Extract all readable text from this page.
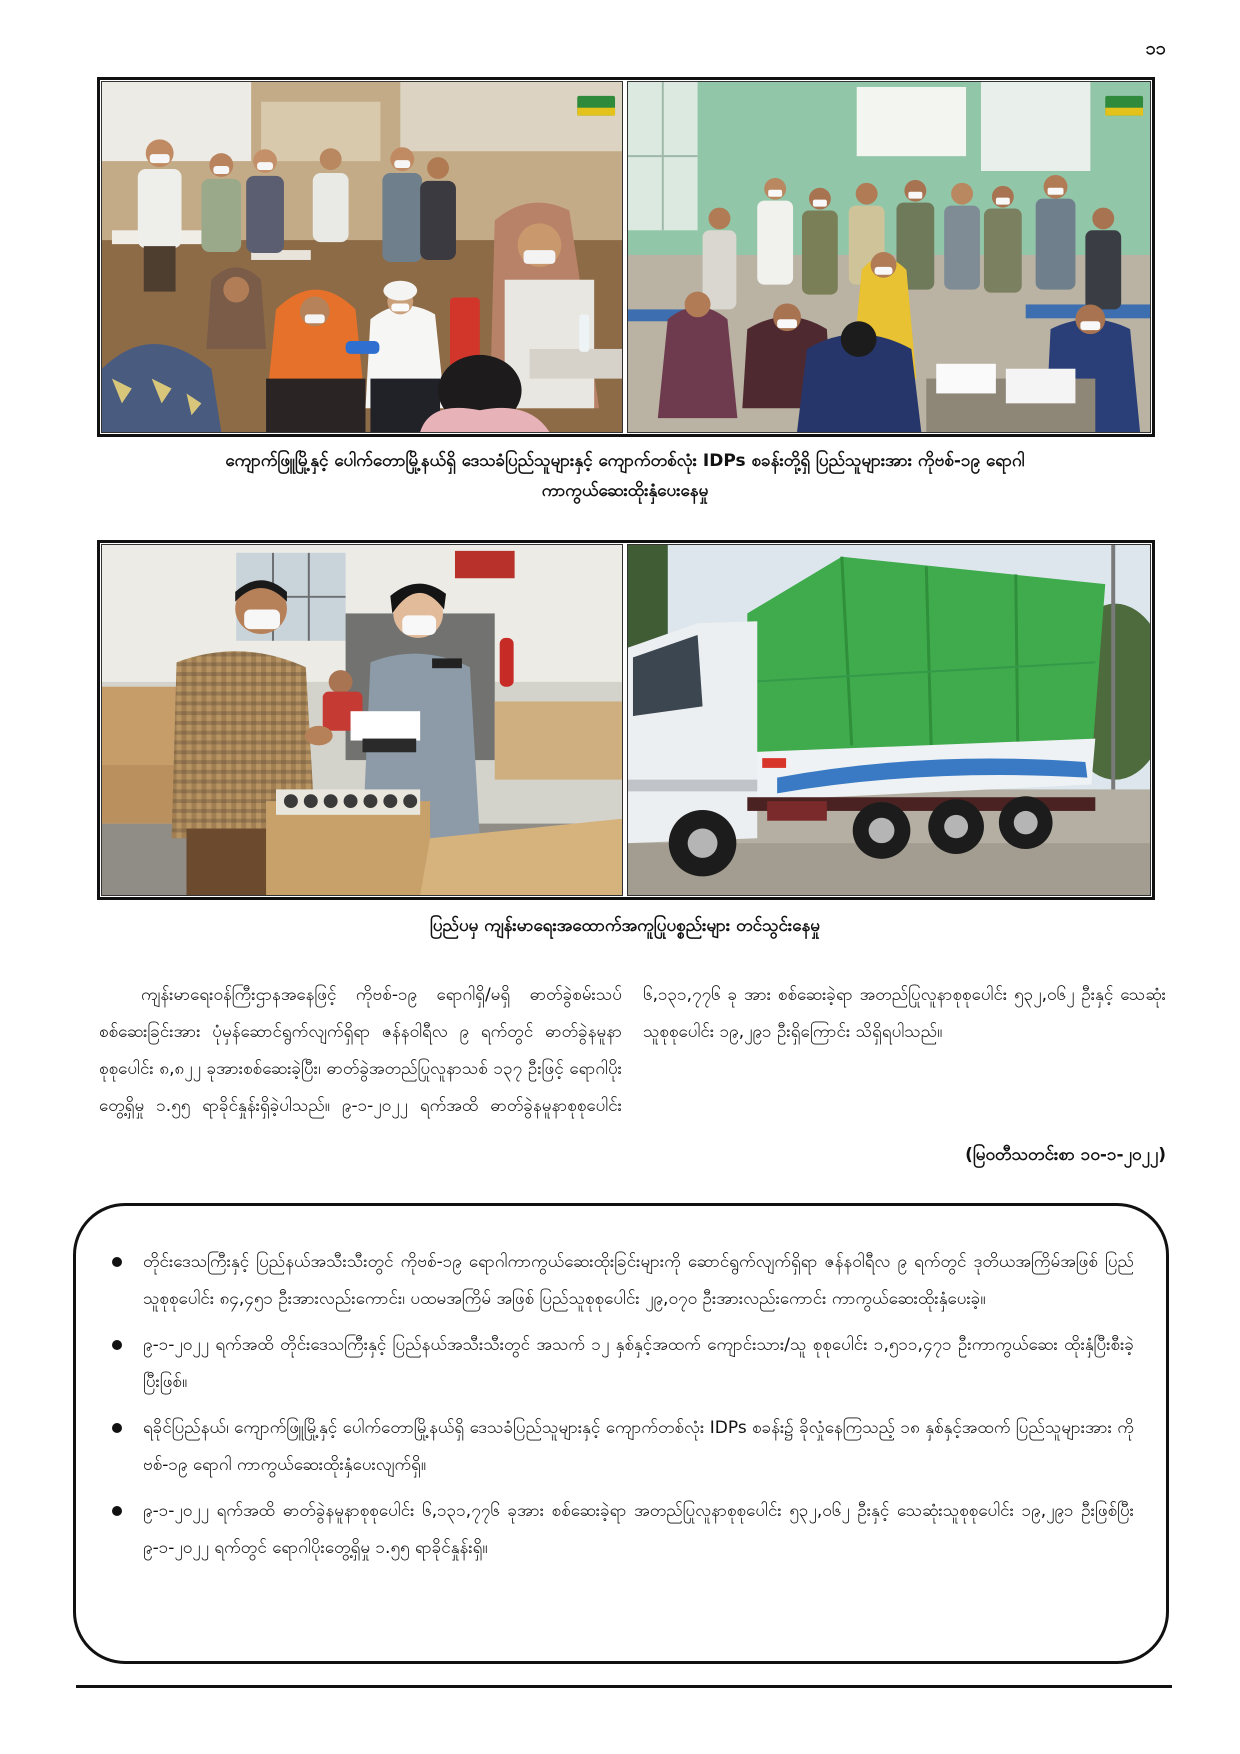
၁၁
ကျောက်ဖြူမြို့နှင့် ပေါက်တောမြို့နယ်ရှိ ဒေသခံပြည်သူများနှင့် ကျောက်တစ်လုံး IDPs စခန်းတို့ရှိ ပြည်သူများအား ကိုဗစ်-၁၉ ရောဂါ
ကာကွယ်ဆေးထိုးနှံပေးနေမှု
ပြည်ပမှ ကျန်းမာရေးအထောက်အကူပြုပစ္စည်းများ တင်သွင်းနေမှု

ကျန်းမာရေးဝန်ကြီးဌာနအနေဖြင့် ကိုဗစ်-၁၉ ရောဂါရှိ/မရှိ ဓာတ်ခွဲစမ်းသပ်စစ်ဆေးခြင်းအား ပုံမှန်ဆောင်ရွက်လျက်ရှိရာ ဇန်နဝါရီလ ၉ ရက်တွင် ဓာတ်ခွဲနမူနာစုစုပေါင်း ၈,၈၂၂ ခုအားစစ်ဆေးခဲ့ပြီး၊ ဓာတ်ခွဲအတည်ပြုလူနာသစ် ၁၃၇ ဦးဖြင့် ရောဂါပိုးတွေ့ရှိမှု ၁.၅၅ ရာခိုင်နှုန်းရှိခဲ့ပါသည်။ ၉-၁-၂၀၂၂ ရက်အထိ ဓာတ်ခွဲနမူနာစုစုပေါင်း ၆,၁၃၁,၇၇၆ ခု အား စစ်ဆေးခဲ့ရာ အတည်ပြုလူနာစုစုပေါင်း ၅၃၂,၀၆၂ ဦးနှင့် သေဆုံးသူစုစုပေါင်း ၁၉,၂၉၁ ဦးရှိကြောင်း သိရှိရပါသည်။

(မြဝတီသတင်းစာ ၁၀-၁-၂၀၂၂)
တိုင်းဒေသကြီးနှင့် ပြည်နယ်အသီးသီးတွင် ကိုဗစ်-၁၉ ရောဂါကာကွယ်ဆေးထိုးခြင်းများကို ဆောင်ရွက်လျက်ရှိရာ ဇန်နဝါရီလ ၉ ရက်တွင် ဒုတိယအကြိမ်အဖြစ် ပြည်သူစုစုပေါင်း ၈၄,၄၅၁ ဦးအားလည်းကောင်း၊ ပထမအကြိမ် အဖြစ် ပြည်သူစုစုပေါင်း ၂၉,၀၇၀ ဦးအားလည်းကောင်း ကာကွယ်ဆေးထိုးနှံပေးခဲ့။
၉-၁-၂၀၂၂ ရက်အထိ တိုင်းဒေသကြီးနှင့် ပြည်နယ်အသီးသီးတွင် အသက် ၁၂ နှစ်နှင့်အထက် ကျောင်းသား/သူ စုစုပေါင်း ၁,၅၁၁,၄၇၁ ဦးကာကွယ်ဆေး ထိုးနှံပြီးစီးခဲ့ပြီးဖြစ်။
ရခိုင်ပြည်နယ်၊ ကျောက်ဖြူမြို့နှင့် ပေါက်တောမြို့နယ်ရှိ ဒေသခံပြည်သူများနှင့် ကျောက်တစ်လုံး IDPs စခန်း၌ ခိုလှုံနေကြသည့် ၁၈ နှစ်နှင့်အထက် ပြည်သူများအား ကိုဗစ်-၁၉ ရောဂါ ကာကွယ်ဆေးထိုးနှံပေးလျက်ရှိ။
၉-၁-၂၀၂၂ ရက်အထိ ဓာတ်ခွဲနမူနာစုစုပေါင်း ၆,၁၃၁,၇၇၆ ခုအား စစ်ဆေးခဲ့ရာ အတည်ပြုလူနာစုစုပေါင်း ၅၃၂,၀၆၂ ဦးနှင့် သေဆုံးသူစုစုပေါင်း ၁၉,၂၉၁ ဦးဖြစ်ပြီး ၉-၁-၂၀၂၂ ရက်တွင် ရောဂါပိုးတွေ့ရှိမှု ၁.၅၅ ရာခိုင်နှုန်းရှိ။
